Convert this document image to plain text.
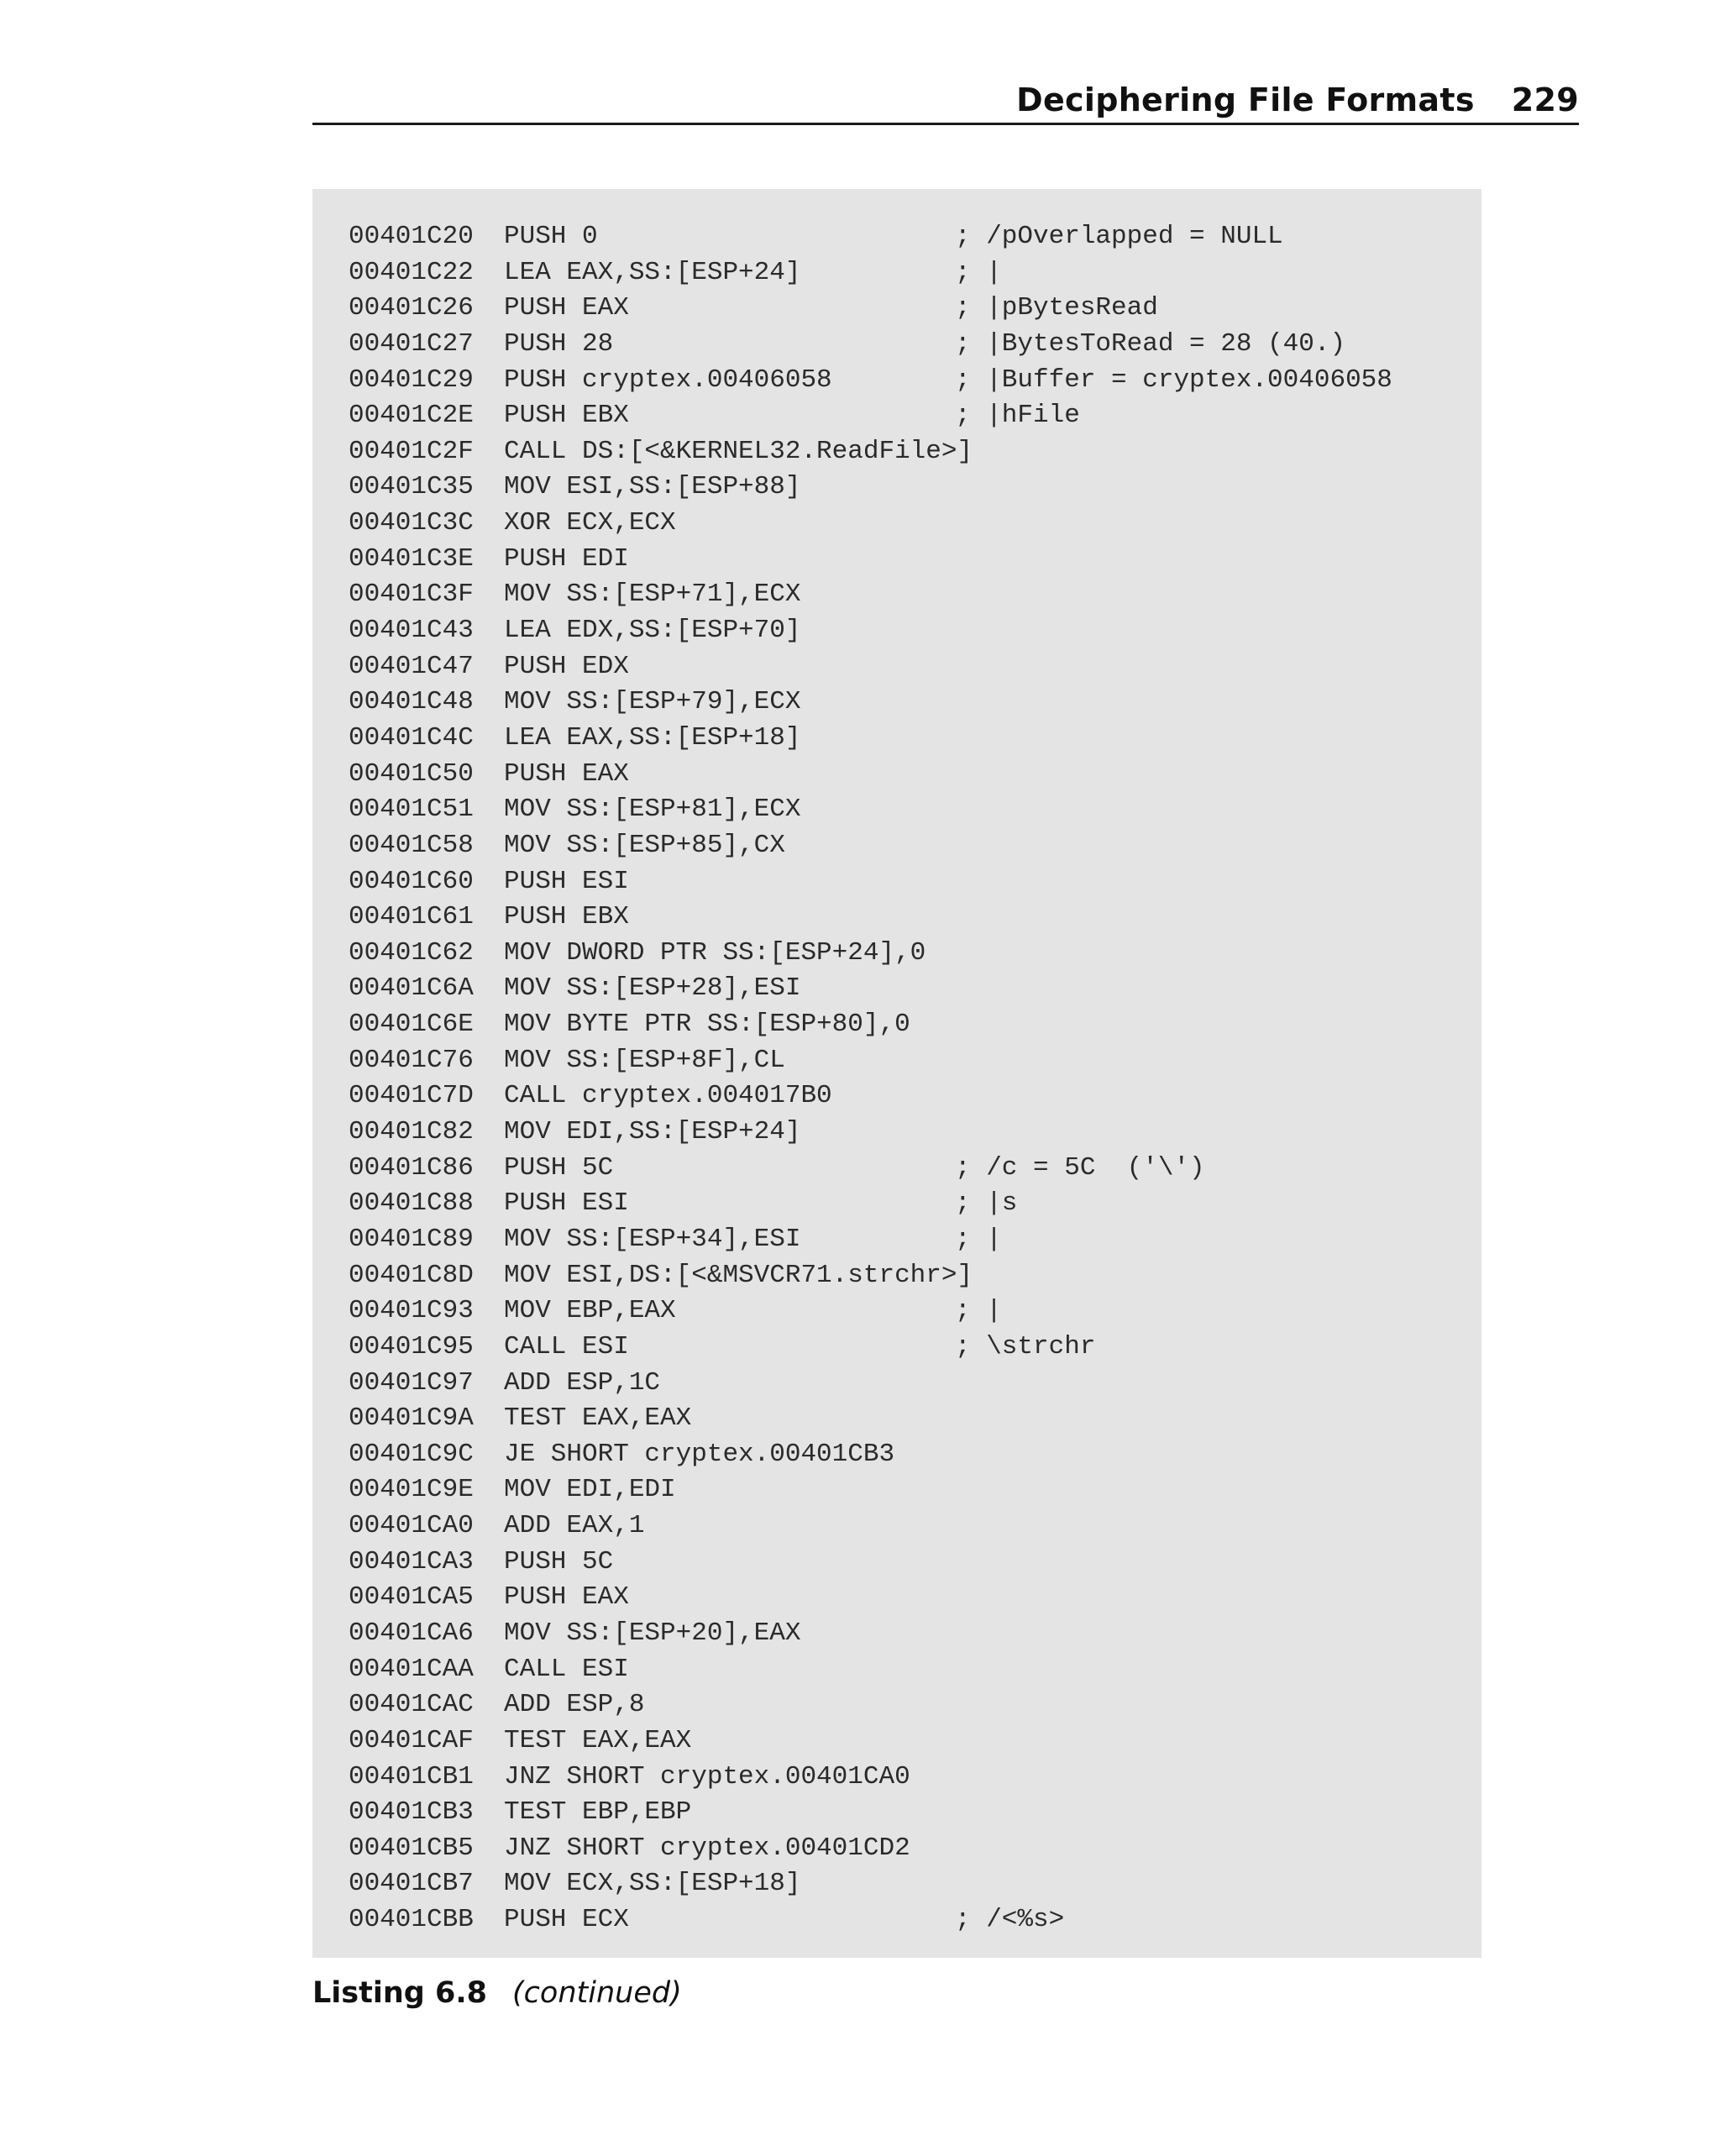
Deciphering File Formats 229
00401C20 PUSH 0	; /pOverlapped = NULL
00401C22 LEA EAX,SS:[ESP+24]	; |
00401C26 PUSH EAX	; |pBytesRead
00401C27 PUSH 28	; |BytesToRead = 28 (40.)
00401C29 PUSH cryptex.00406058	; |Buffer = cryptex.00406058
00401C2E PUSH EBX	; |hFile
00401C2F CALL DS:[<&KERNEL32.ReadFile>]
00401C35 MOV ESI,SS:[ESP+88]
00401C3C XOR ECX,ECX
00401C3E PUSH EDI
00401C3F MOV SS:[ESP+71],ECX
00401C43 LEA EDX,SS:[ESP+70]
00401C47 PUSH EDX
00401C48 MOV SS:[ESP+79],ECX
00401C4C LEA EAX,SS:[ESP+18]
00401C50 PUSH EAX
00401C51 MOV SS:[ESP+81],ECX
00401C58 MOV SS:[ESP+85],CX
00401C60 PUSH ESI
00401C61 PUSH EBX
00401C62 MOV DWORD PTR SS:[ESP+24],0
00401C6A MOV SS:[ESP+28],ESI
00401C6E MOV BYTE PTR SS:[ESP+80],0
00401C76 MOV SS:[ESP+8F],CL
00401C7D CALL cryptex.004017B0
00401C82 MOV EDI,SS:[ESP+24]
00401C86 PUSH 5C	; /c = 5C  ('\')
00401C88 PUSH ESI	; |s
00401C89 MOV SS:[ESP+34],ESI	; |
00401C8D MOV ESI,DS:[<&MSVCR71.strchr>]
00401C93 MOV EBP,EAX	; |
00401C95 CALL ESI	; \strchr
00401C97 ADD ESP,1C
00401C9A TEST EAX,EAX
00401C9C JE SHORT cryptex.00401CB3
00401C9E MOV EDI,EDI
00401CA0 ADD EAX,1
00401CA3 PUSH 5C
00401CA5 PUSH EAX
00401CA6 MOV SS:[ESP+20],EAX
00401CAA CALL ESI
00401CAC ADD ESP,8
00401CAF TEST EAX,EAX
00401CB1 JNZ SHORT cryptex.00401CA0
00401CB3 TEST EBP,EBP
00401CB5 JNZ SHORT cryptex.00401CD2
00401CB7 MOV ECX,SS:[ESP+18]
00401CBB PUSH ECX	; /<%s>
Listing 6.8 (continued)
